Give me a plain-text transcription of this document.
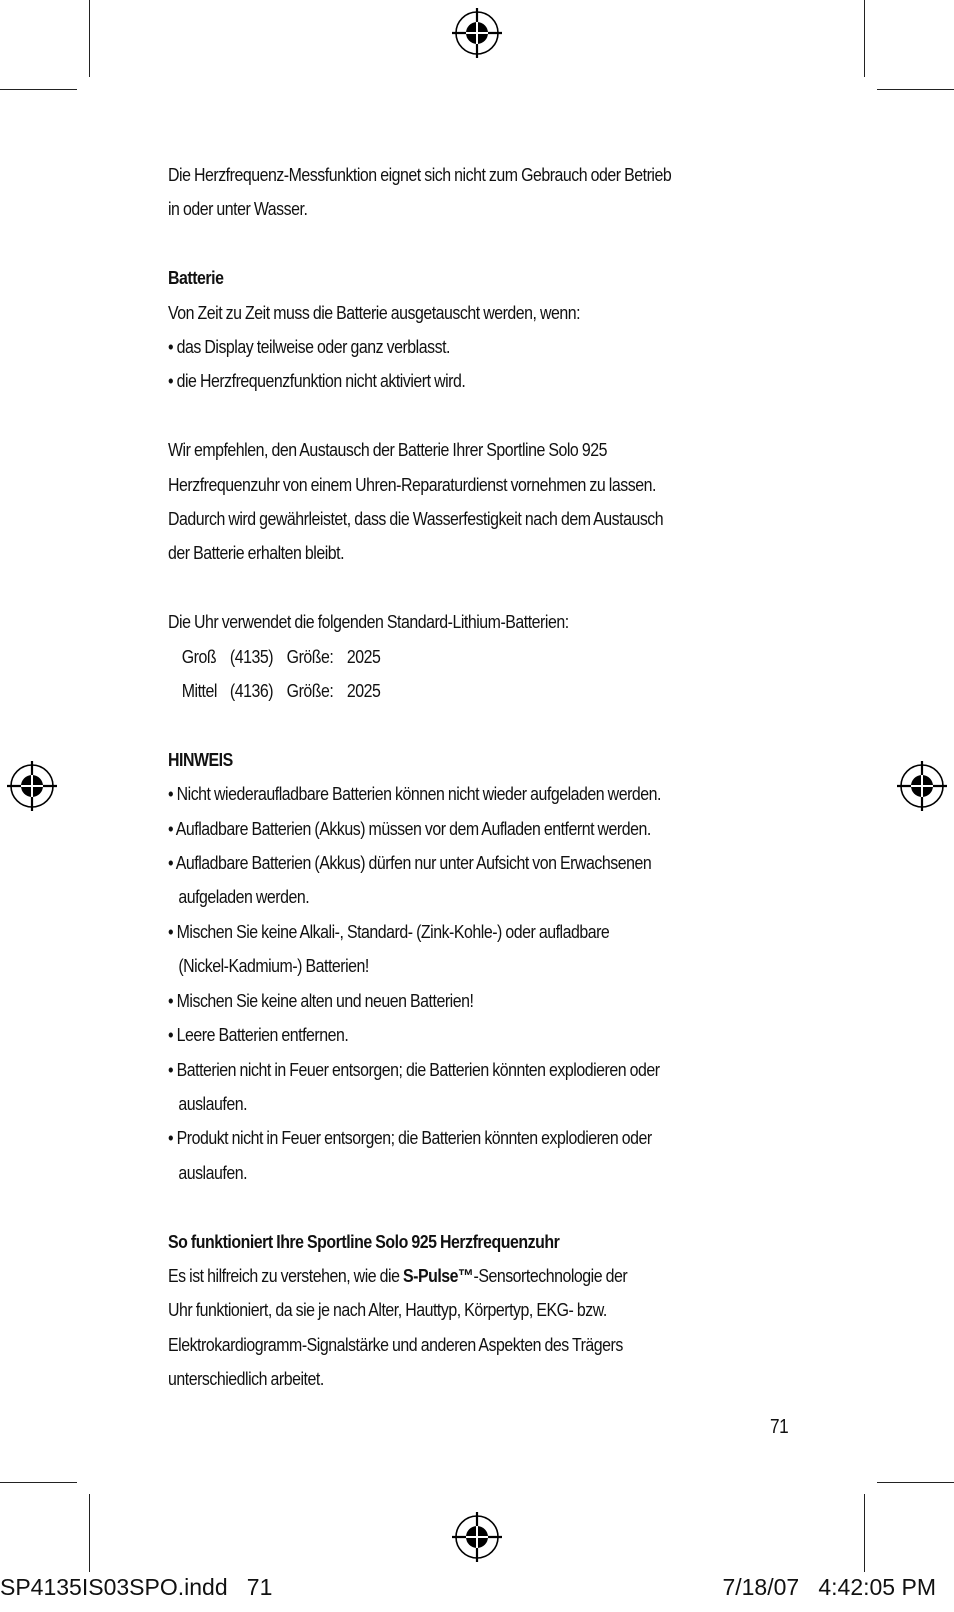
Die Herzfrequenz-Messfunktion eignet sich nicht zum Gebrauch oder Betrieb

in oder unter Wasser.

Batterie

Von Zeit zu Zeit muss die Batterie ausgetauscht werden, wenn:

• das Display teilweise oder ganz verblasst.

• die Herzfrequenzfunktion nicht aktiviert wird.

Wir empfehlen, den Austausch der Batterie Ihrer Sportline Solo 925

Herzfrequenzuhr von einem Uhren-Reparaturdienst vornehmen zu lassen.

Dadurch wird gewährleistet, dass die Wasserfestigkeit nach dem Austausch

der Batterie erhalten bleibt.

Die Uhr verwendet die folgenden Standard-Lithium-Batterien:

Groß (4135) Größe: 2025
Mittel (4136) Größe: 2025

HINWEIS

• Nicht wiederaufladbare Batterien können nicht wieder aufgeladen werden.

• Aufladbare Batterien (Akkus) müssen vor dem Aufladen entfernt werden.

• Aufladbare Batterien (Akkus) dürfen nur unter Aufsicht von Erwachsenen

aufgeladen werden.

• Mischen Sie keine Alkali-, Standard- (Zink-Kohle-) oder aufladbare

(Nickel-Kadmium-) Batterien!

• Mischen Sie keine alten und neuen Batterien!

• Leere Batterien entfernen.

• Batterien nicht in Feuer entsorgen; die Batterien könnten explodieren oder

auslaufen.

• Produkt nicht in Feuer entsorgen; die Batterien könnten explodieren oder

auslaufen.

So funktioniert Ihre Sportline Solo 925 Herzfrequenzuhr

Es ist hilfreich zu verstehen, wie die S-Pulse™-Sensortechnologie der

Uhr funktioniert, da sie je nach Alter, Hauttyp, Körpertyp, EKG- bzw.

Elektrokardiogramm-Signalstärke und anderen Aspekten des Trägers

unterschiedlich arbeitet.

71
SP4135IS03SPO.indd   71	7/18/07   4:42:05 PM
